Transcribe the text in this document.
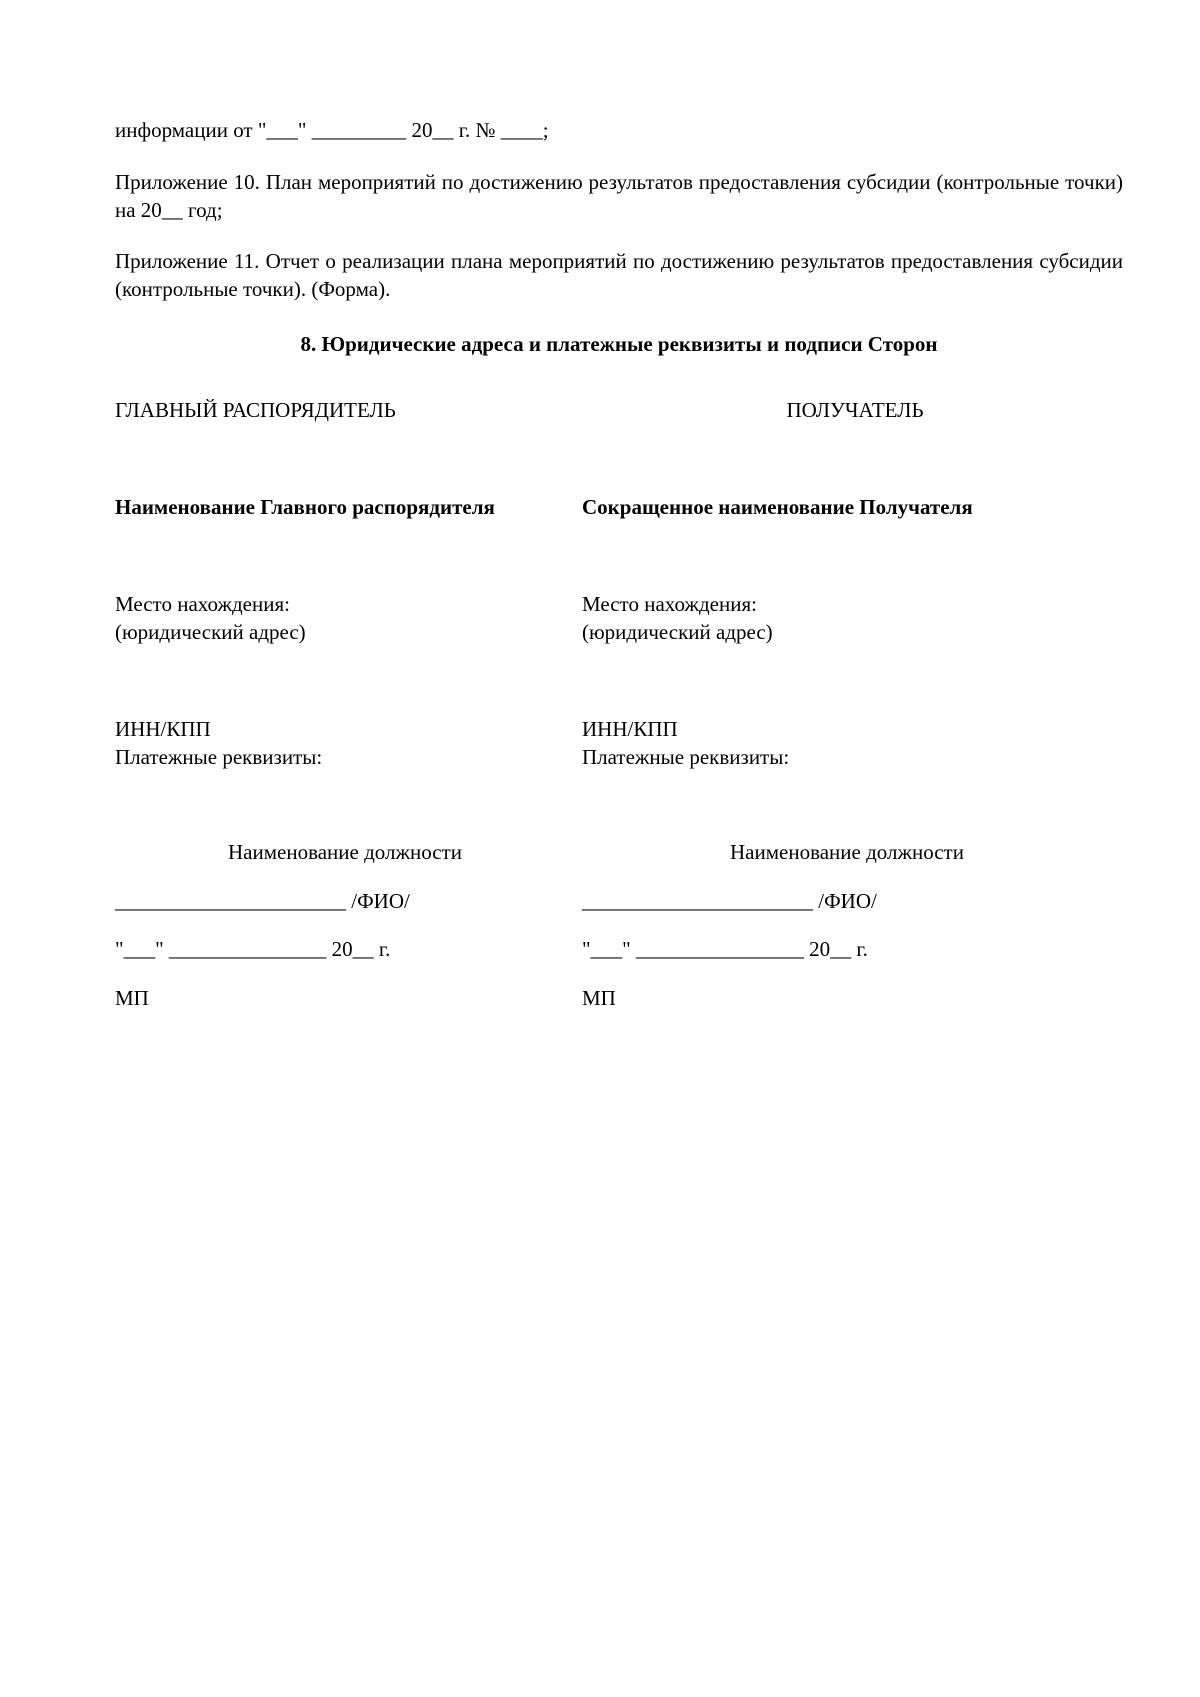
информации от "___" _________ 20__ г. № ____;

Приложение 10. План мероприятий по достижению результатов предоставления субсидии (контрольные точки) на 20__ год;

Приложение 11. Отчет о реализации плана мероприятий по достижению результатов предоставления субсидии (контрольные точки). (Форма).

8. Юридические адреса и платежные реквизиты и подписи Сторон

ГЛАВНЫЙ РАСПОРЯДИТЕЛЬ

Наименование Главного распорядителя

Место нахождения:

(юридический адрес)

ИНН/КПП

Платежные реквизиты:

Наименование должности

______________________ /ФИО/

"___" _______________ 20__ г.

МП

ПОЛУЧАТЕЛЬ

Сокращенное наименование Получателя

Место нахождения:

(юридический адрес)

ИНН/КПП

Платежные реквизиты:

Наименование должности

______________________ /ФИО/

"___" ________________ 20__ г.

МП
